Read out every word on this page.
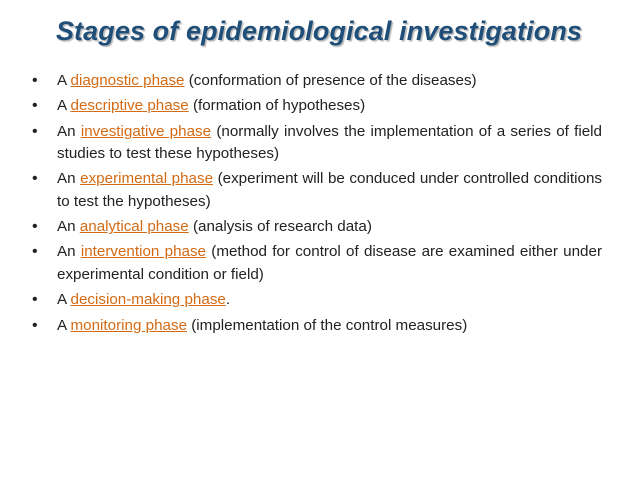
Stages of epidemiological investigations
• A diagnostic phase (conformation of presence of the diseases)
• A descriptive phase (formation of hypotheses)
• An investigative phase (normally involves the implementation of a series of field studies to test these hypotheses)
• An experimental phase (experiment will be conduced under controlled conditions to test the hypotheses)
• An analytical phase (analysis of research data)
• An intervention phase (method for control of disease are examined either under experimental condition or field)
• A decision-making phase.
• A monitoring phase (implementation of the control measures)
